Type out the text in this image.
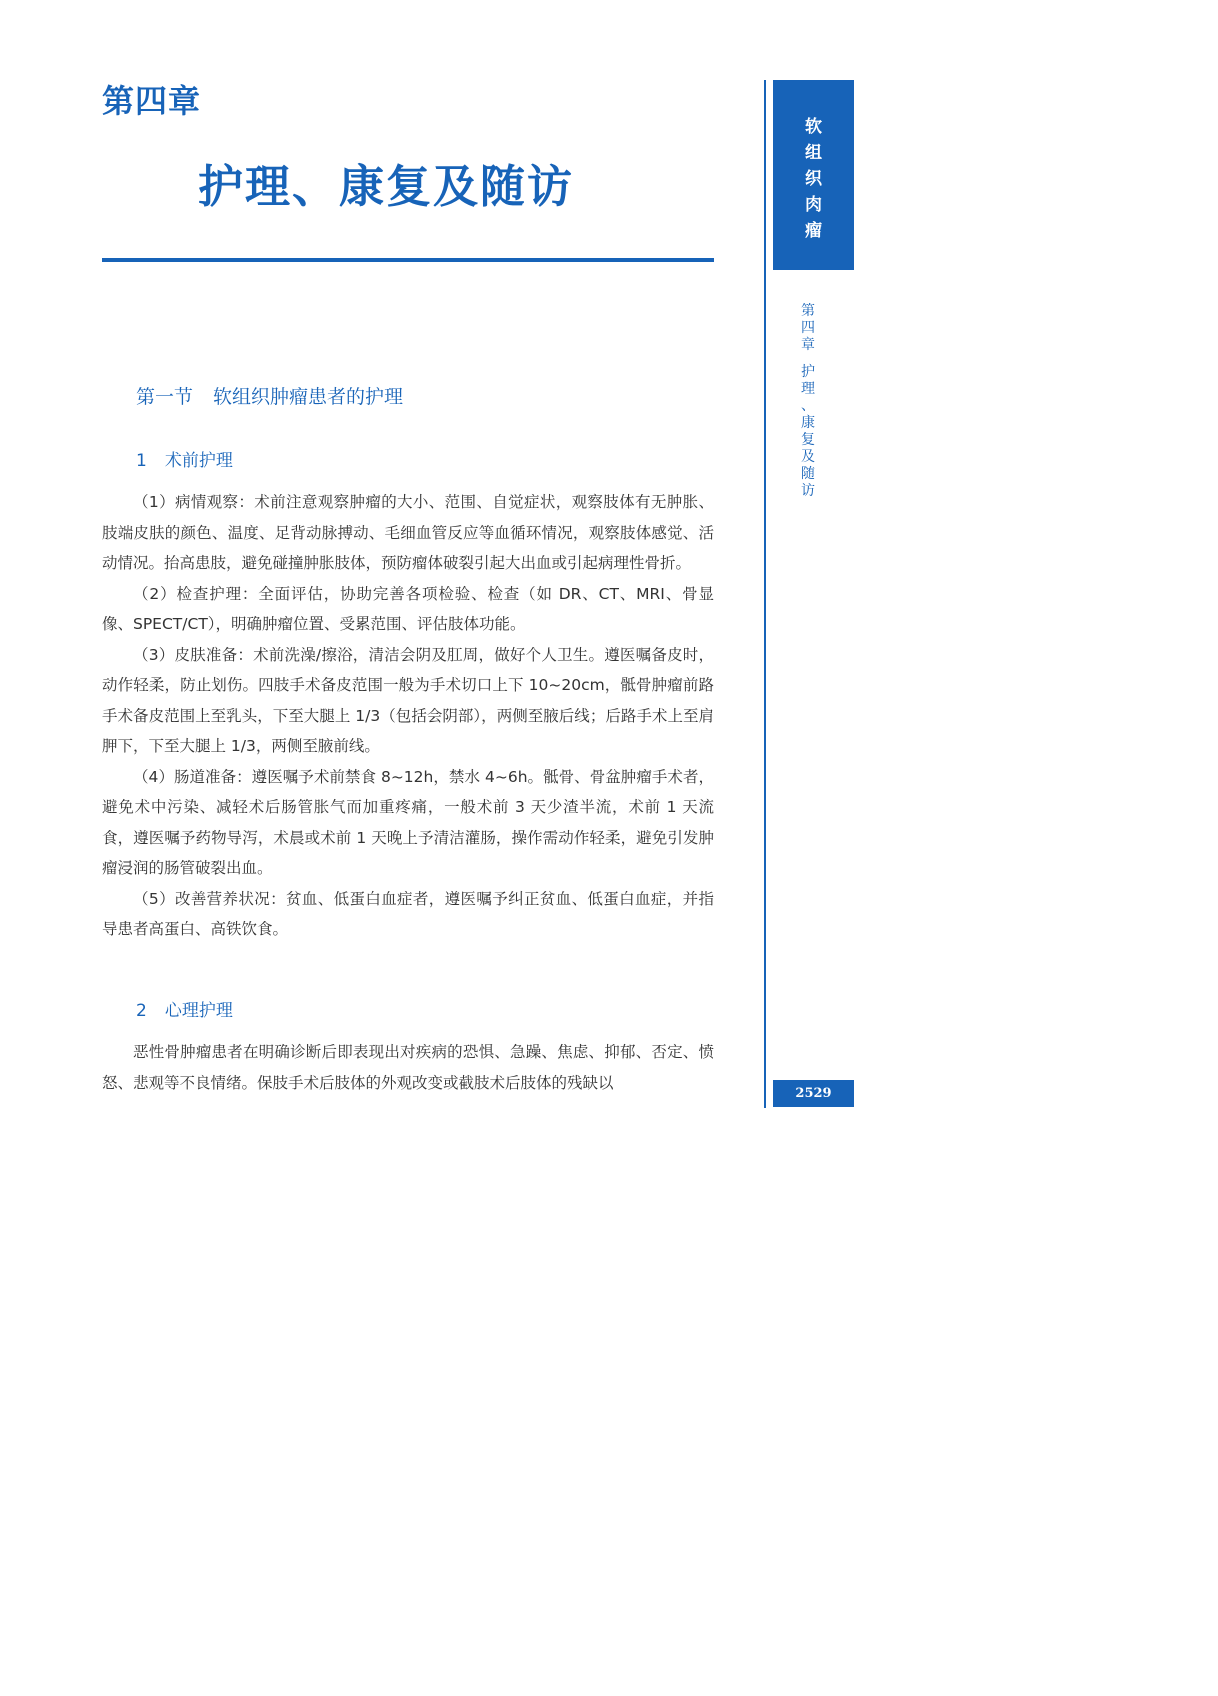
第四章
护理、康复及随访
软
组
织
肉
瘤
第
四
章
护
理
、
康
复
及
随
访
2529
第一节 软组织肿瘤患者的护理
1 术前护理

（1）病情观察：术前注意观察肿瘤的大小、范围、自觉症状，观察肢体有无肿胀、肢端皮肤的颜色、温度、足背动脉搏动、毛细血管反应等血循环情况，观察肢体感觉、活动情况。抬高患肢，避免碰撞肿胀肢体，预防瘤体破裂引起大出血或引起病理性骨折。

（2）检查护理：全面评估，协助完善各项检验、检查（如 DR、CT、MRI、骨显像、SPECT/CT），明确肿瘤位置、受累范围、评估肢体功能。

（3）皮肤准备：术前洗澡/擦浴，清洁会阴及肛周，做好个人卫生。遵医嘱备皮时，动作轻柔，防止划伤。四肢手术备皮范围一般为手术切口上下 10~20cm，骶骨肿瘤前路手术备皮范围上至乳头，下至大腿上 1/3（包括会阴部），两侧至腋后线；后路手术上至肩胛下，下至大腿上 1/3，两侧至腋前线。

（4）肠道准备：遵医嘱予术前禁食 8~12h，禁水 4~6h。骶骨、骨盆肿瘤手术者，避免术中污染、减轻术后肠管胀气而加重疼痛，一般术前 3 天少渣半流，术前 1 天流食，遵医嘱予药物导泻，术晨或术前 1 天晚上予清洁灌肠，操作需动作轻柔，避免引发肿瘤浸润的肠管破裂出血。

（5）改善营养状况：贫血、低蛋白血症者，遵医嘱予纠正贫血、低蛋白血症，并指导患者高蛋白、高铁饮食。

2 心理护理

恶性骨肿瘤患者在明确诊断后即表现出对疾病的恐惧、急躁、焦虑、抑郁、否定、愤怒、悲观等不良情绪。保肢手术后肢体的外观改变或截肢术后肢体的残缺以
